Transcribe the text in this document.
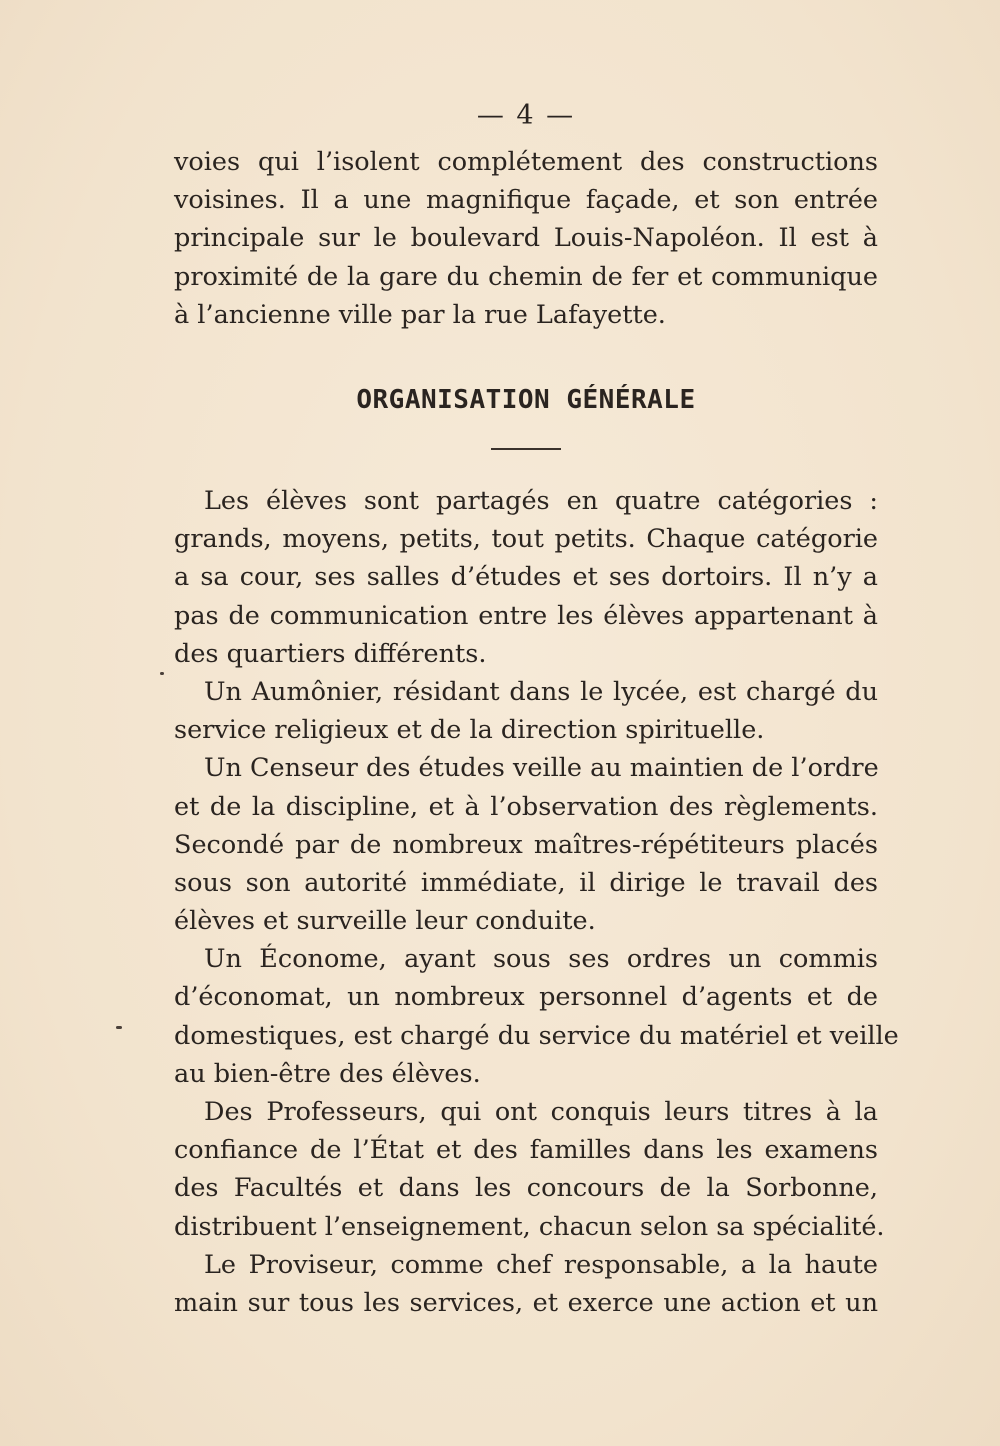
— 4 —
voies qui l’isolent complétement des constructions
voisines. Il a une magnifique façade, et son entrée
principale sur le boulevard Louis-Napoléon. Il est à
proximité de la gare du chemin de fer et communique
à l’ancienne ville par la rue Lafayette.
ORGANISATION GÉNÉRALE
Les élèves sont partagés en quatre catégories :
grands, moyens, petits, tout petits. Chaque catégorie
a sa cour, ses salles d’études et ses dortoirs. Il n’y a
pas de communication entre les élèves appartenant à
des quartiers différents.
Un Aumônier, résidant dans le lycée, est chargé du
service religieux et de la direction spirituelle.
Un Censeur des études veille au maintien de l’ordre
et de la discipline, et à l’observation des règlements.
Secondé par de nombreux maîtres-répétiteurs placés
sous son autorité immédiate, il dirige le travail des
élèves et surveille leur conduite.
Un Économe, ayant sous ses ordres un commis
d’économat, un nombreux personnel d’agents et de
domestiques, est chargé du service du matériel et veille
au bien-être des élèves.
Des Professeurs, qui ont conquis leurs titres à la
confiance de l’État et des familles dans les examens
des Facultés et dans les concours de la Sorbonne,
distribuent l’enseignement, chacun selon sa spécialité.
Le Proviseur, comme chef responsable, a la haute
main sur tous les services, et exerce une action et un
